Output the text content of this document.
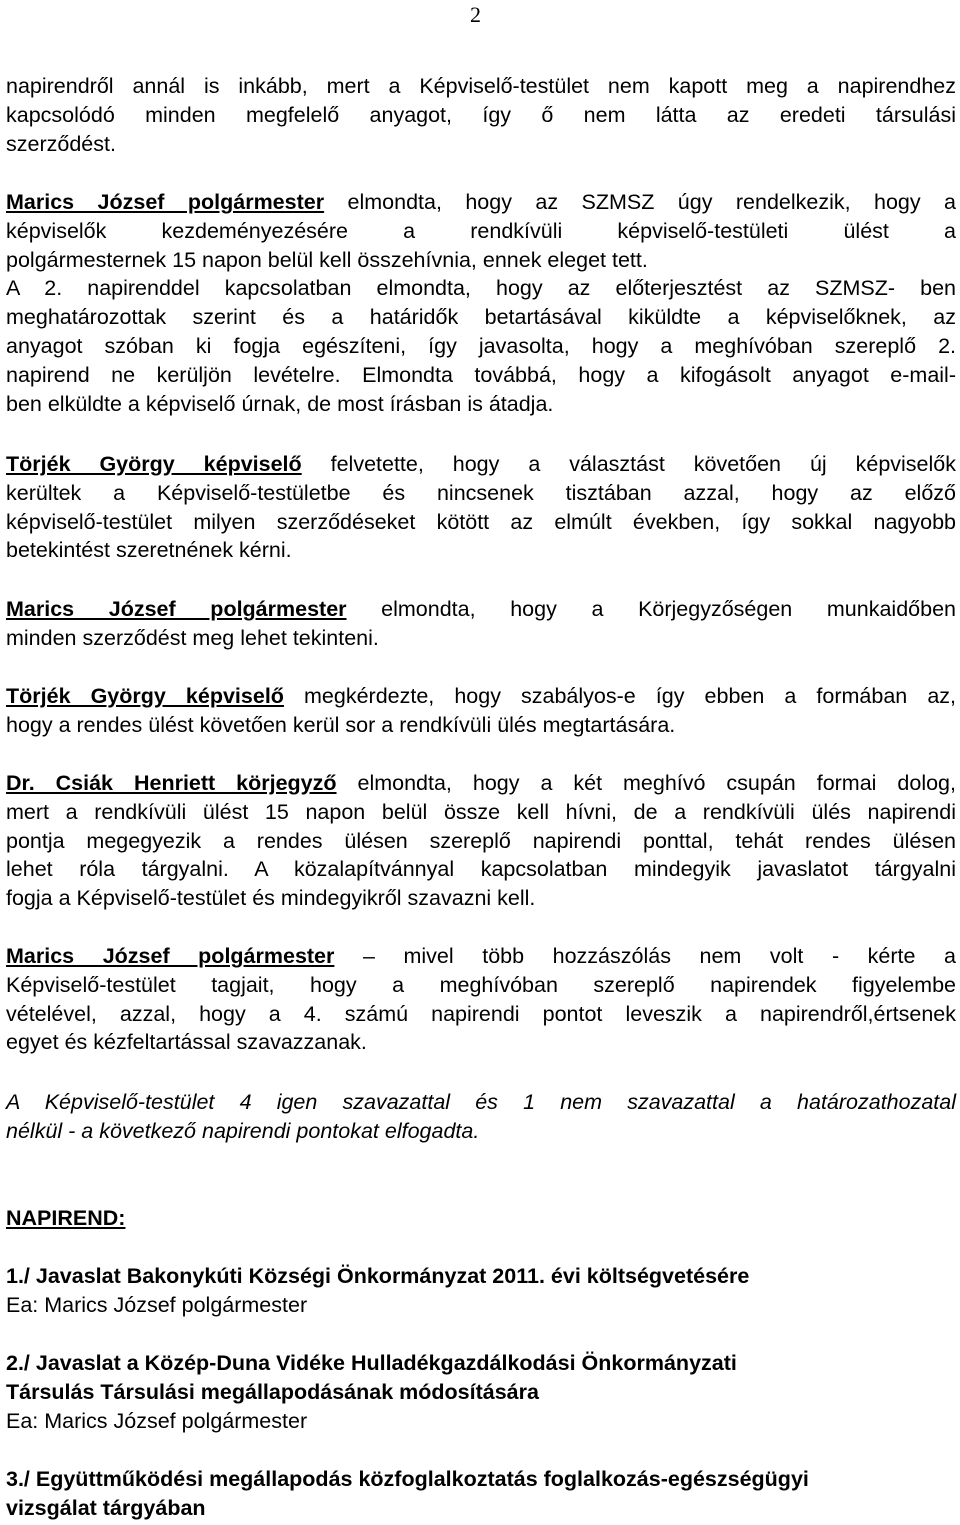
2
napirendről annál is inkább, mert a Képviselő-testület nem kapott meg a napirendhez
kapcsolódó minden megfelelő anyagot, így ő nem látta az eredeti társulási
szerződést.
Marics József polgármester elmondta, hogy az SZMSZ úgy rendelkezik, hogy a
képviselők kezdeményezésére a rendkívüli képviselő-testületi ülést a
polgármesternek 15 napon belül kell összehívnia, ennek eleget tett.
A 2. napirenddel kapcsolatban elmondta, hogy az előterjesztést az SZMSZ- ben
meghatározottak szerint és a határidők betartásával kiküldte a képviselőknek, az
anyagot szóban ki fogja egészíteni, így javasolta, hogy a meghívóban szereplő 2.
napirend ne kerüljön levételre. Elmondta továbbá, hogy a kifogásolt anyagot e-mail-
ben elküldte a képviselő úrnak, de most írásban is átadja.
Törjék György képviselő felvetette, hogy a választást követően új képviselők
kerültek a Képviselő-testületbe és nincsenek tisztában azzal, hogy az előző
képviselő-testület milyen szerződéseket kötött az elmúlt években, így sokkal nagyobb
betekintést szeretnének kérni.
Marics József polgármester elmondta, hogy a Körjegyzőségen munkaidőben
minden szerződést meg lehet tekinteni.
Törjék György képviselő megkérdezte, hogy szabályos-e így ebben a formában az,
hogy a rendes ülést követően kerül sor a rendkívüli ülés megtartására.
Dr. Csiák Henriett körjegyző elmondta, hogy a két meghívó csupán formai dolog,
mert a rendkívüli ülést 15 napon belül össze kell hívni, de a rendkívüli ülés napirendi
pontja megegyezik a rendes ülésen szereplő napirendi ponttal, tehát rendes ülésen
lehet róla tárgyalni. A közalapítvánnyal kapcsolatban mindegyik javaslatot tárgyalni
fogja a Képviselő-testület és mindegyikről szavazni kell.
Marics József polgármester – mivel több hozzászólás nem volt - kérte a
Képviselő-testület tagjait, hogy a meghívóban szereplő napirendek figyelembe
vételével, azzal, hogy a 4. számú napirendi pontot leveszik a napirendről,értsenek
egyet és kézfeltartással szavazzanak.
A Képviselő-testület 4 igen szavazattal és 1 nem szavazattal a határozathozatal
nélkül - a következő napirendi pontokat elfogadta.
NAPIREND:
1./ Javaslat Bakonykúti Községi Önkormányzat 2011. évi költségvetésére
Ea: Marics József polgármester
2./ Javaslat a Közép-Duna Vidéke Hulladékgazdálkodási Önkormányzati
Társulás Társulási megállapodásának módosítására
Ea: Marics József polgármester
3./ Együttműködési megállapodás közfoglalkoztatás foglalkozás-egészségügyi
vizsgálat tárgyában
